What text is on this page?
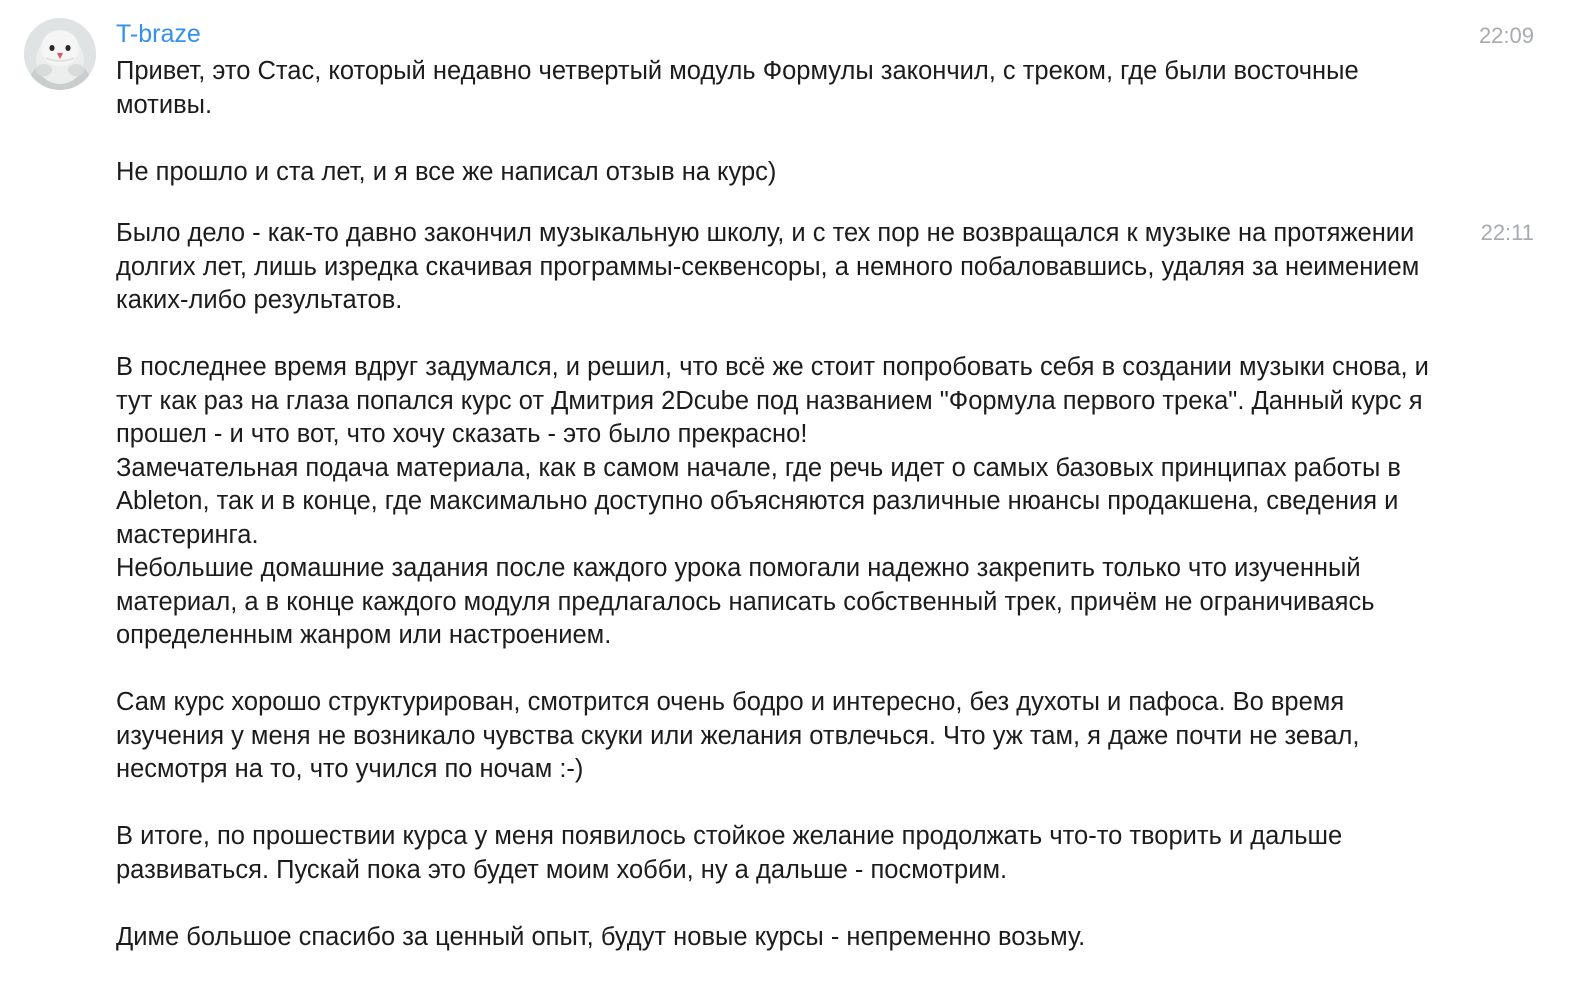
T-braze	22:09

Привет, это Стас, который недавно четвертый модуль Формулы закончил, с треком, где были восточные мотивы.

Не прошло и ста лет, и я все же написал отзыв на курс)

22:11

Было дело - как-то давно закончил музыкальную школу, и с тех пор не возвращался к музыке на протяжении долгих лет, лишь изредка скачивая программы-секвенсоры, а немного побаловавшись, удаляя за неимением каких-либо результатов.

В последнее время вдруг задумался, и решил, что всё же стоит попробовать себя в создании музыки снова, и тут как раз на глаза попался курс от Дмитрия 2Dcube под названием "Формула первого трека". Данный курс я прошел - и что вот, что хочу сказать - это было прекрасно!

Замечательная подача материала, как в самом начале, где речь идет о самых базовых принципах работы в Ableton, так и в конце, где максимально доступно объясняются различные нюансы продакшена, сведения и мастеринга.

Небольшие домашние задания после каждого урока помогали надежно закрепить только что изученный материал, а в конце каждого модуля предлагалось написать собственный трек, причём не ограничиваясь определенным жанром или настроением.

Сам курс хорошо структурирован, смотрится очень бодро и интересно, без духоты и пафоса. Во время изучения у меня не возникало чувства скуки или желания отвлечься. Что уж там, я даже почти не зевал, несмотря на то, что учился по ночам :-)

В итоге, по прошествии курса у меня появилось стойкое желание продолжать что-то творить и дальше развиваться. Пускай пока это будет моим хобби, ну а дальше - посмотрим.

Диме большое спасибо за ценный опыт, будут новые курсы - непременно возьму.
